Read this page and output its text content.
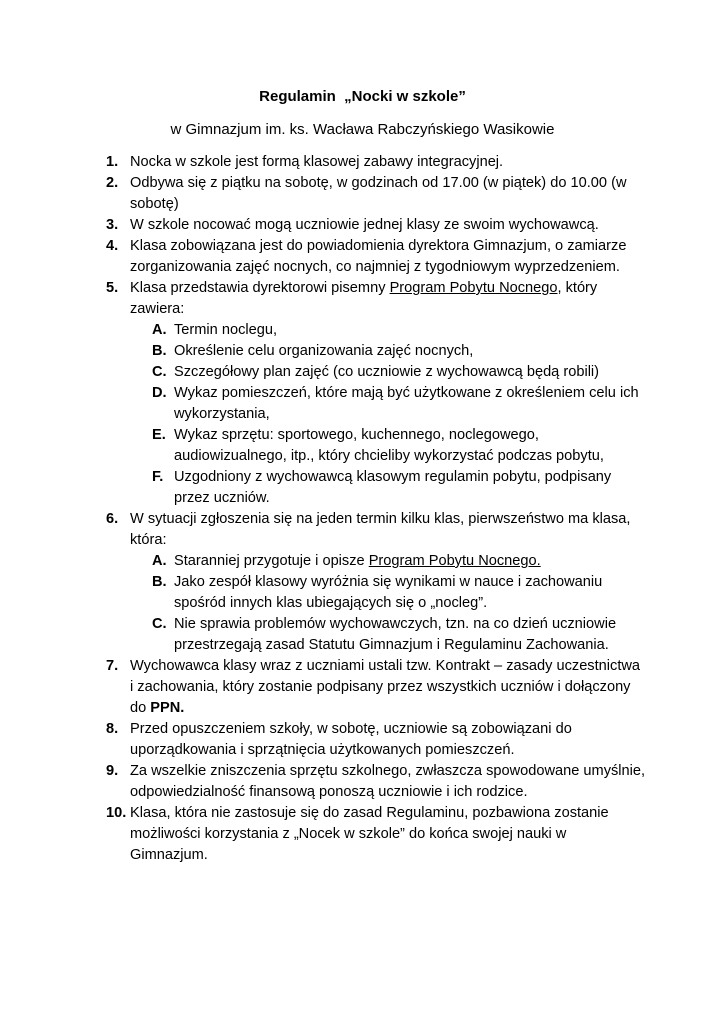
Regulamin  „Nocki w szkole”
w Gimnazjum im. ks. Wacława Rabczyńskiego Wasikowie
1. Nocka w szkole jest formą klasowej zabawy integracyjnej.
2. Odbywa się z piątku na sobotę, w godzinach od 17.00 (w piątek) do 10.00 (w sobotę)
3. W szkole nocować mogą uczniowie jednej klasy ze swoim wychowawcą.
4. Klasa zobowiązana jest do powiadomienia dyrektora Gimnazjum, o zamiarze zorganizowania zajęć nocnych, co najmniej z tygodniowym wyprzedzeniem.
5. Klasa przedstawia dyrektorowi pisemny Program Pobytu Nocnego, który zawiera:
A. Termin noclegu,
B. Określenie celu organizowania zajęć nocnych,
C. Szczegółowy plan zajęć (co uczniowie z wychowawcą będą robili)
D. Wykaz pomieszczeń, które mają być użytkowane z określeniem celu ich wykorzystania,
E. Wykaz sprzętu: sportowego, kuchennego, noclegowego, audiowizualnego, itp., który chcieliby wykorzystać podczas pobytu,
F. Uzgodniony z wychowawcą klasowym regulamin pobytu, podpisany przez uczniów.
6. W sytuacji zgłoszenia się na jeden termin kilku klas, pierwszeństwo ma klasa, która:
A. Staranniej przygotuje i opisze Program Pobytu Nocnego.
B. Jako zespół klasowy wyróżnia się wynikami w nauce i zachowaniu spośród innych klas ubiegających się o „nocleg”.
C. Nie sprawia problemów wychowawczych, tzn. na co dzień uczniowie przestrzegają zasad Statutu Gimnazjum i Regulaminu Zachowania.
7. Wychowawca klasy wraz z uczniami ustali tzw. Kontrakt – zasady uczestnictwa i zachowania, który zostanie podpisany przez wszystkich uczniów i dołączony do PPN.
8. Przed opuszczeniem szkoły, w sobotę, uczniowie są zobowiązani do uporządkowania i sprzątnięcia użytkowanych pomieszczeń.
9. Za wszelkie zniszczenia sprzętu szkolnego, zwłaszcza spowodowane umyślnie, odpowiedzialność finansową ponoszą uczniowie i ich rodzice.
10. Klasa, która nie zastosuje się do zasad Regulaminu, pozbawiona zostanie możliwości korzystania z „Nocek w szkole” do końca swojej nauki w Gimnazjum.
